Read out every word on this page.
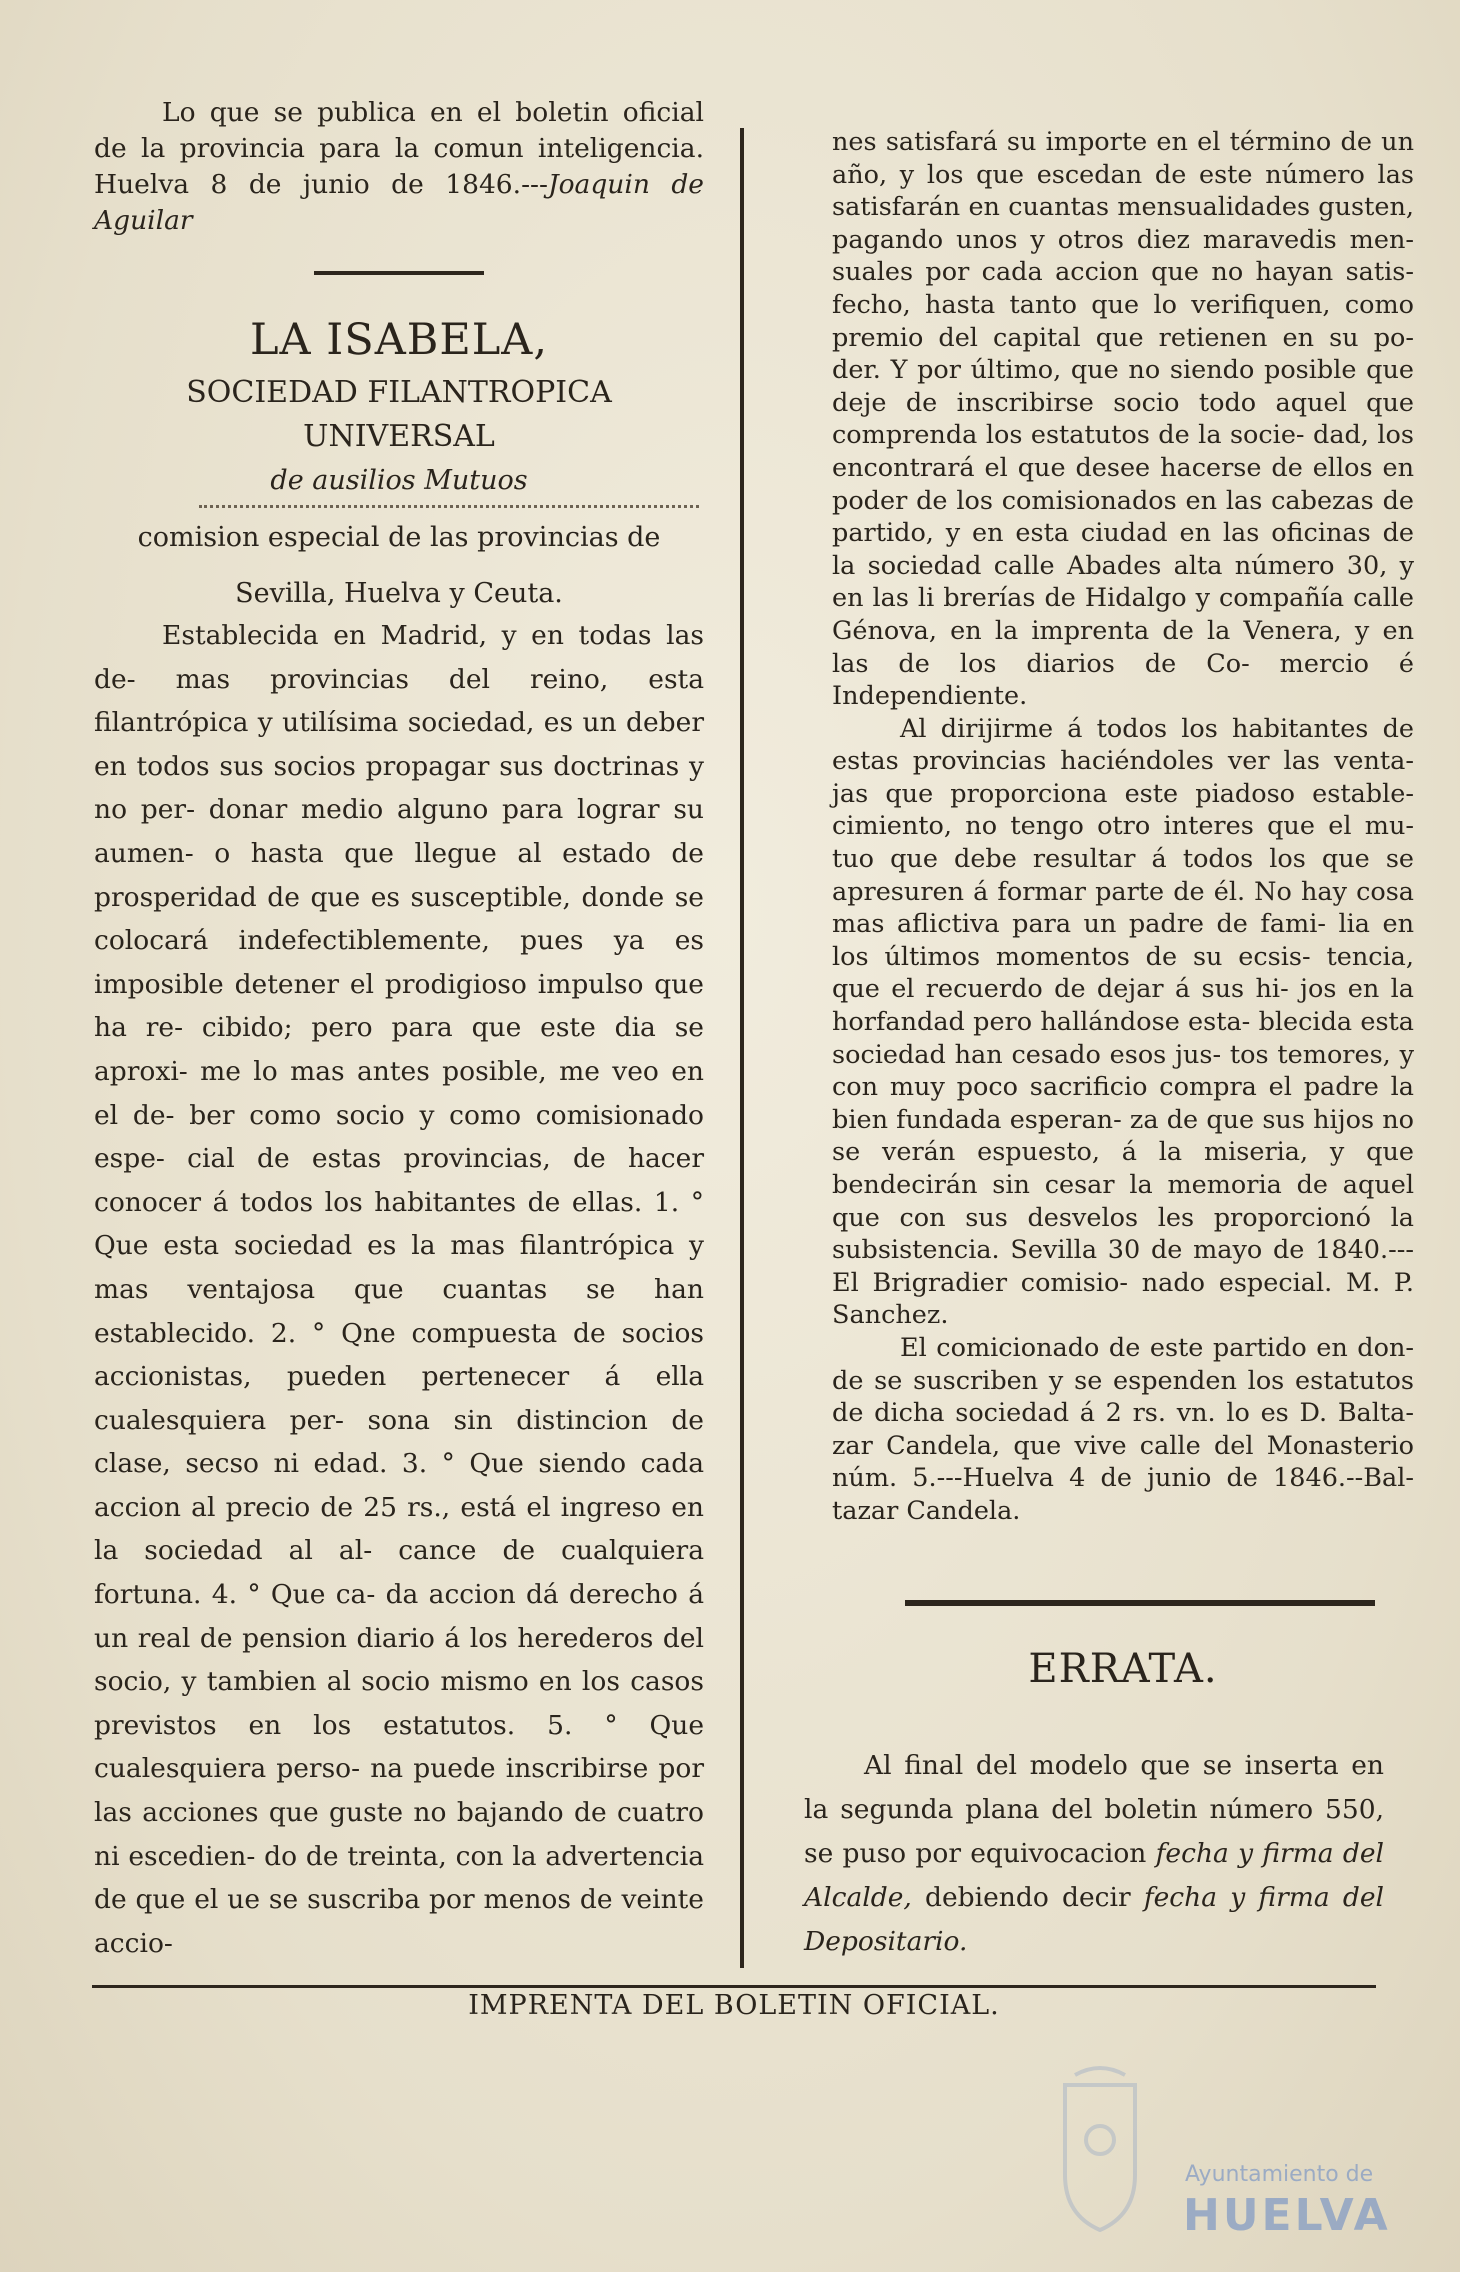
Lo que se publica en el boletin oficial de la provincia para la comun inteligencia. Huelva 8 de junio de 1846.---Joaquin de Aguilar

LA ISABELA,
SOCIEDAD FILANTROPICA UNIVERSAL
de ausilios Mutuos
comision especial de las provincias de
Sevilla, Huelva y Ceuta.

Establecida en Madrid, y en todas las de- mas provincias del reino, esta filantrópica y utilísima sociedad, es un deber en todos sus socios propagar sus doctrinas y no per- donar medio alguno para lograr su aumen- o hasta que llegue al estado de prosperidad de que es susceptible, donde se colocará indefectiblemente, pues ya es imposible detener el prodigioso impulso que ha re- cibido; pero para que este dia se aproxi- me lo mas antes posible, me veo en el de- ber como socio y como comisionado espe- cial de estas provincias, de hacer conocer á todos los habitantes de ellas. 1. ° Que esta sociedad es la mas filantrópica y mas ventajosa que cuantas se han establecido. 2. ° Qne compuesta de socios accionistas, pueden pertenecer á ella cualesquiera per- sona sin distincion de clase, secso ni edad. 3. ° Que siendo cada accion al precio de 25 rs., está el ingreso en la sociedad al al- cance de cualquiera fortuna. 4. ° Que ca- da accion dá derecho á un real de pension diario á los herederos del socio, y tambien al socio mismo en los casos previstos en los estatutos. 5. ° Que cualesquiera perso- na puede inscribirse por las acciones que guste no bajando de cuatro ni escedien- do de treinta, con la advertencia de que el ue se suscriba por menos de veinte accio-

nes satisfará su importe en el término de un año, y los que escedan de este número las satisfarán en cuantas mensualidades gusten, pagando unos y otros diez maravedis men- suales por cada accion que no hayan satis- fecho, hasta tanto que lo verifiquen, como premio del capital que retienen en su po- der. Y por último, que no siendo posible que deje de inscribirse socio todo aquel que comprenda los estatutos de la socie- dad, los encontrará el que desee hacerse de ellos en poder de los comisionados en las cabezas de partido, y en esta ciudad en las oficinas de la sociedad calle Abades alta número 30, y en las li brerías de Hidalgo y compañía calle Génova, en la imprenta de la Venera, y en las de los diarios de Co- mercio é Independiente.

Al dirijirme á todos los habitantes de estas provincias haciéndoles ver las venta- jas que proporciona este piadoso estable- cimiento, no tengo otro interes que el mu- tuo que debe resultar á todos los que se apresuren á formar parte de él. No hay cosa mas aflictiva para un padre de fami- lia en los últimos momentos de su ecsis- tencia, que el recuerdo de dejar á sus hi- jos en la horfandad pero hallándose esta- blecida esta sociedad han cesado esos jus- tos temores, y con muy poco sacrificio compra el padre la bien fundada esperan- za de que sus hijos no se verán espuesto, á la miseria, y que bendecirán sin cesar la memoria de aquel que con sus desvelos les proporcionó la subsistencia. Sevilla 30 de mayo de 1840.---El Brigradier comisio- nado especial. M. P. Sanchez.

El comicionado de este partido en don- de se suscriben y se espenden los estatutos de dicha sociedad á 2 rs. vn. lo es D. Balta- zar Candela, que vive calle del Monasterio núm. 5.---Huelva 4 de junio de 1846.--Bal- tazar Candela.

ERRATA.

Al final del modelo que se inserta en la segunda plana del boletin número 550, se puso por equivocacion fecha y firma del Alcalde, debiendo decir fecha y firma del Depositario.

IMPRENTA DEL BOLETIN OFICIAL.
Ayuntamiento de
HUELVA
